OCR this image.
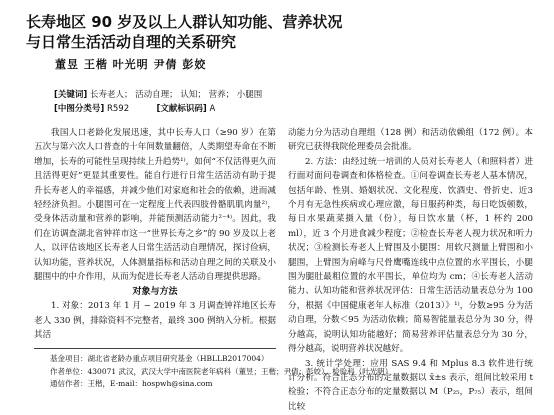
长寿地区 90 岁及以上人群认知功能、营养状况
与日常生活活动自理的关系研究
董昱 王楷 叶光明 尹倩 彭姣
[关键词] 长寿老人； 活动自理； 认知； 营养； 小腿围
[中图分类号] R592	[文献标识码] A

我国人口老龄化发展迅速，其中长寿人口（≥90 岁）在第五次与第六次人口普查的十年间数量翻倍，人类期望寿命在不断增加，长寿的可能性呈现持续上升趋势¹⁾，如何“不仅活得更久而且活得更好”更显其重要性。能自行进行日常生活活动有助于提升长寿老人的幸福感，并减少他们对家庭和社会的依赖，进而减轻经济负担。小腿围可在一定程度上代表四肢骨骼肌肌肉量²⁾，受身体活动量和营养的影响，并能预测活动能力²⁻⁴⁾。因此，我们在访调查湖北省钟祥市这一“世界长寿之乡”的 90 岁及以上老人，以评估该地区长寿老人日常生活活动自理情况，探讨俭病，认知功能，营养状况，人体测量指标和活动自理之间的关联及小腿围中的中介作用，从而为促进长寿老人活动自理提供思路。

对象与方法

1. 对象：2013 年 1 月 ~ 2019 年 3 月调查钟祥地区长寿老人 330 例，排除资料不完整者，最终 300 例纳入分析。根据其活

动能力分为活动自理组（128 例）和活动依赖组（172 例）。本研究已获得我院伦理委员会批准。

2. 方法：由经过统一培训的人员对长寿老人（和照料者）进行面对面问卷调查和体格检查。①问卷调查长寿老人基本情况，包括年龄、性别、婚姻状况、文化程度、饮酒史、骨折史、近3 个月有无急性疾病或心理应激，每日服药种类，每日吃饭顿数，每日水果蔬菜摄入量（份），每日饮水量（杯，1 杯约 200 ml），近 3 个月进食减少程度；②检查长寿老人视力状况和听力状况；③检测长寿老人上臂围及小腿围：用软尺测量上臂围和小腿围，上臂围为肩峰与尺骨鹰嘴连线中点位置的水平围长，小腿围为腿肚最粗位置的水平围长，单位均为 cm；④长寿老人活动能力、认知功能和营养状况评估：日常生活活动量表总分为 100 分，根据《中国健康老年人标准（2013）》¹⁾，分数≥95 分为活动自理，分数＜95 为活动依赖；简易智能量表总分为 30 分，得分越高，说明认知功能越好；简易营养评估量表总分为 30 分，得分越高，说明营养状况越好。

3. 统计学处理：应用 SAS 9.4 和 Mplus 8.3 软件进行统计分析。符合正态分布的定量数据以 x̄±s 表示，组间比较采用 t 检验；不符合正态分布的定量数据以 M（P₂₅，P₇₅）表示，组间比较

基金项目：湖北省老龄办重点项目研究基金（HBLLB2017004）
作者单位：430071 武汉，武汉大学中南医院老年病科（董昱；王楷；尹倩；彭姣），检验科（叶光明）
通信作者：王楷，E-mail：hospwh@sina.com
